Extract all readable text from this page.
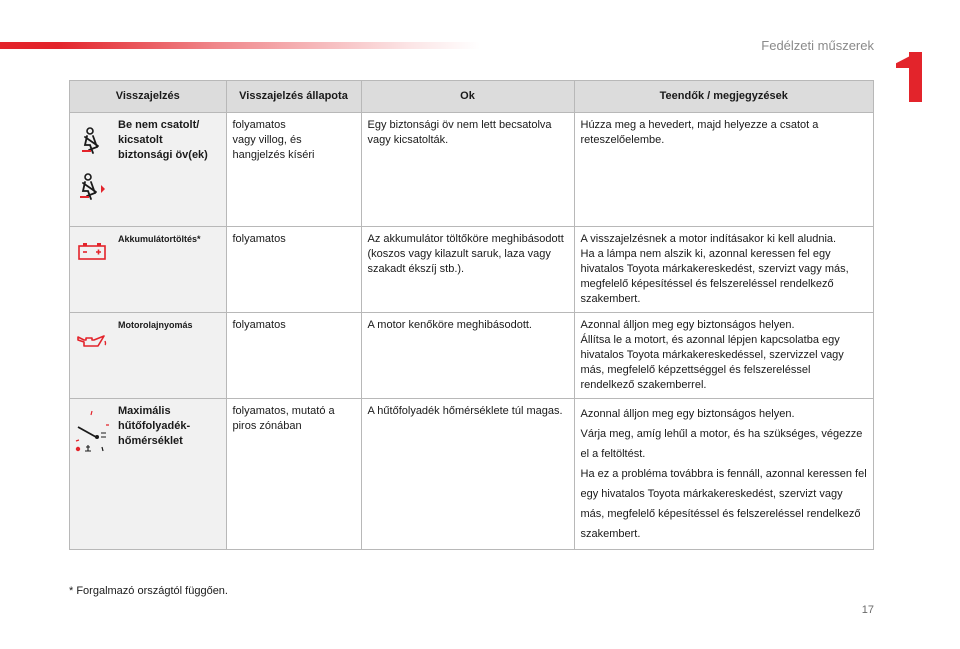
Fedélzeti műszerek
Visszajelzés		Visszajelzés állapota	Ok	Teendők / megjegyzések

	Be nem csatolt/ kicsatolt biztonsági öv(ek)	folyamatos
vagy villog, és hangjelzés kíséri	Egy biztonsági öv nem lett becsatolva vagy kicsatolták.	Húzza meg a hevedert, majd helyezze a csatot a reteszelőelembe.

	Akkumulátortöltés*	folyamatos	Az akkumulátor töltőköre meghibásodott (koszos vagy kilazult saruk, laza vagy szakadt ékszíj stb.).	A visszajelzésnek a motor indításakor ki kell aludnia.
Ha a lámpa nem alszik ki, azonnal keressen fel egy hivatalos Toyota márkakereskedést, szervizt vagy más, megfelelő képesítéssel és felszereléssel rendelkező szakembert.

	Motorolajnyomás	folyamatos	A motor kenőköre meghibásodott.	Azonnal álljon meg egy biztonságos helyen.
Állítsa le a motort, és azonnal lépjen kapcsolatba egy hivatalos Toyota márkakereskedéssel, szervizzel vagy más, megfelelő képzettséggel és felszereléssel rendelkező szakemberrel.

	Maximális hűtőfolyadék-hőmérséklet	folyamatos, mutató a piros zónában	A hűtőfolyadék hőmérséklete túl magas.	Azonnal álljon meg egy biztonságos helyen.
Várja meg, amíg lehűl a motor, és ha szükséges, végezze el a feltöltést.
Ha ez a probléma továbbra is fennáll, azonnal keressen fel egy hivatalos Toyota márkakereskedést, szervizt vagy más, megfelelő képesítéssel és felszereléssel rendelkező szakembert.
* Forgalmazó országtól függően.
17
